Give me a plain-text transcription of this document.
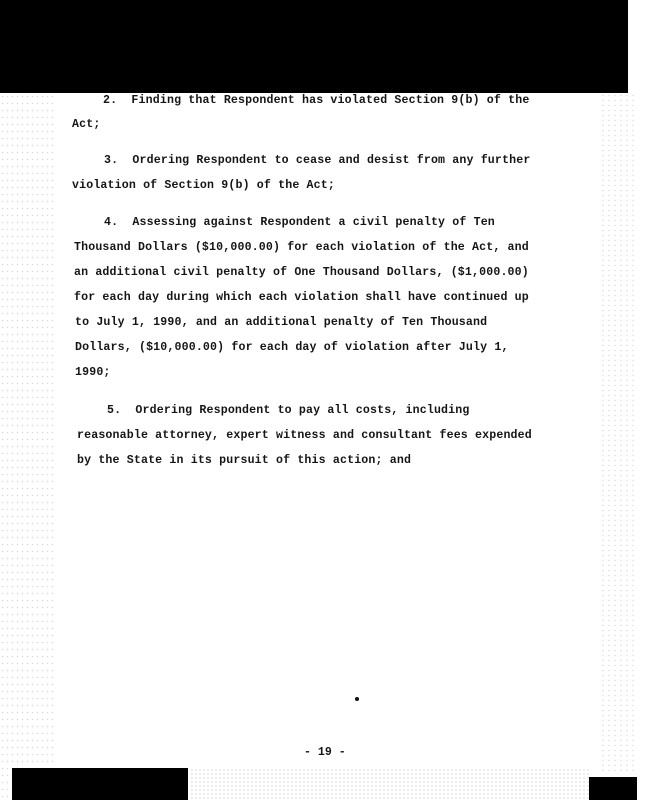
2.  Finding that Respondent has violated Section 9(b) of the

Act;

3.  Ordering Respondent to cease and desist from any further

violation of Section 9(b) of the Act;

4.  Assessing against Respondent a civil penalty of Ten

Thousand Dollars ($10,000.00) for each violation of the Act, and

an additional civil penalty of One Thousand Dollars, ($1,000.00)

for each day during which each violation shall have continued up

to July 1, 1990, and an additional penalty of Ten Thousand

Dollars, ($10,000.00) for each day of violation after July 1,

1990;

5.  Ordering Respondent to pay all costs, including

reasonable attorney, expert witness and consultant fees expended

by the State in its pursuit of this action; and

- 19 -
